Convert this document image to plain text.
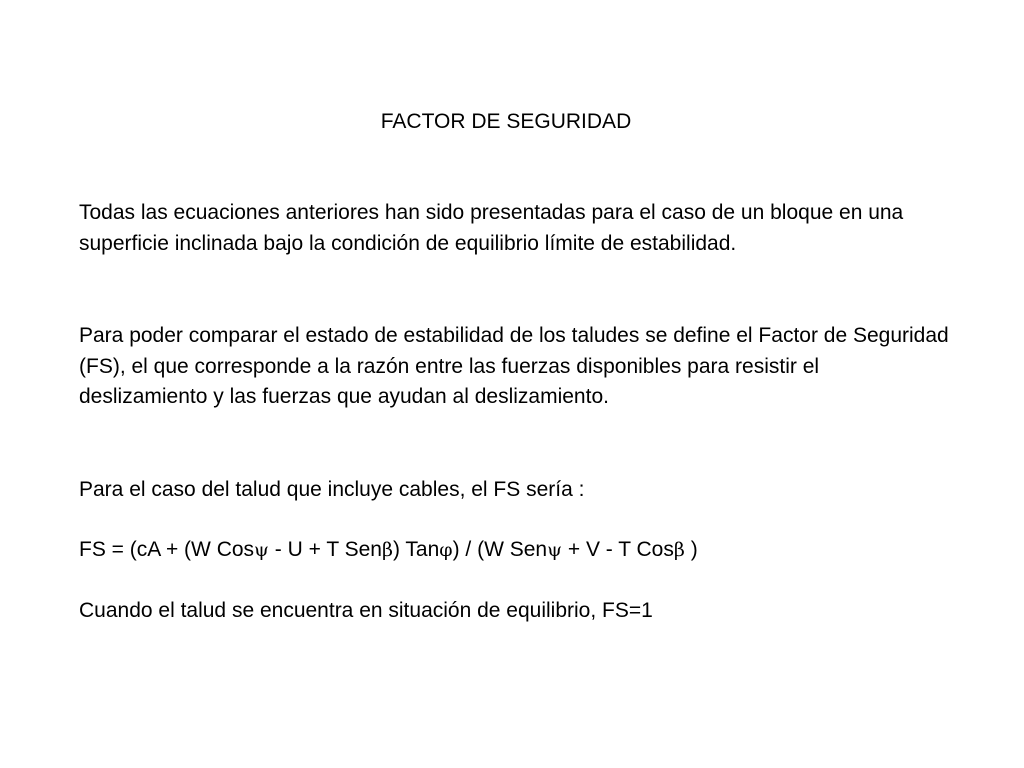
FACTOR DE SEGURIDAD

Todas las ecuaciones anteriores han sido presentadas para el caso de un bloque en una superficie inclinada bajo la condición de equilibrio límite de estabilidad.

Para poder comparar el estado de estabilidad de los taludes se define el Factor de Seguridad (FS), el que corresponde a la razón entre las fuerzas disponibles para resistir el deslizamiento y las fuerzas que ayudan al deslizamiento.

Para el caso del talud que incluye cables, el FS sería :

FS = (cA + (W Cosψ - U + T Senβ) Tanφ) / (W Senψ + V - T Cosβ )

Cuando el talud se encuentra en situación de equilibrio, FS=1
